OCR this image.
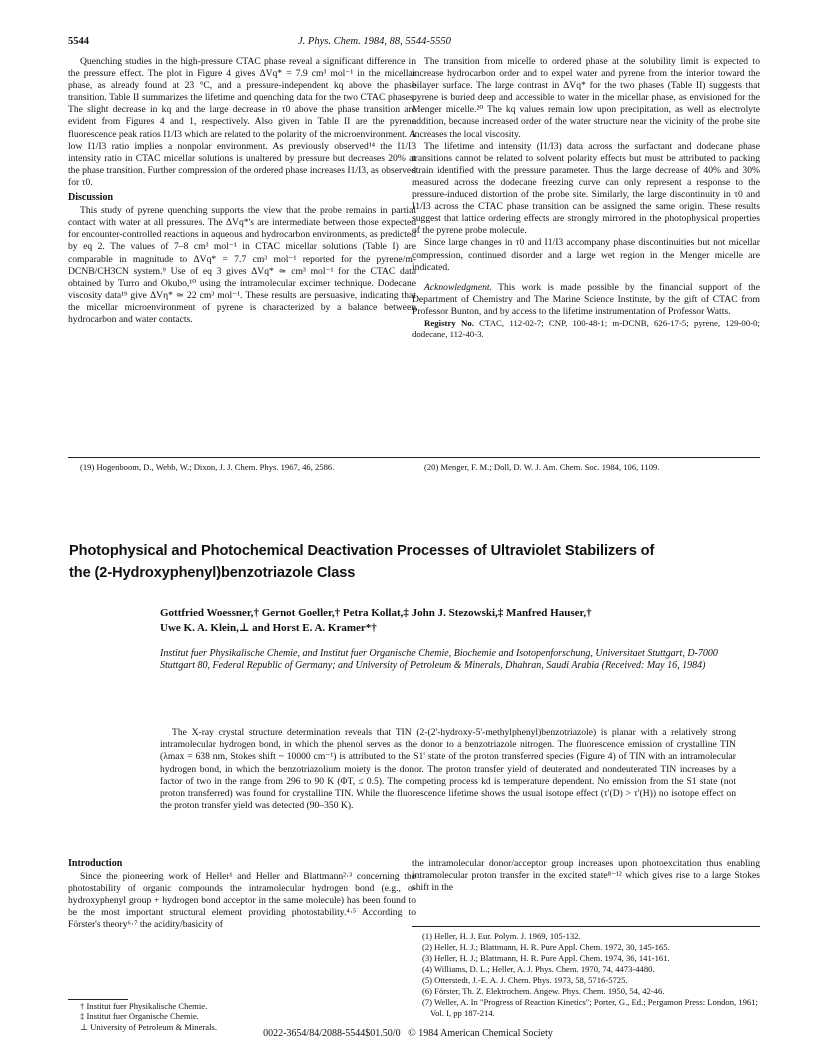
5544	J. Phys. Chem. 1984, 88, 5544-5550

Quenching studies in the high-pressure CTAC phase reveal a significant difference in the pressure effect. The plot in Figure 4 gives ΔVq* = 7.9 cm³ mol⁻¹ in the micellar phase, as already found at 23 °C, and a pressure-independent kq above the phase transition. Table II summarizes the lifetime and quenching data for the two CTAC phases. The slight decrease in kq and the large decrease in τ0 above the phase transition are evident from Figures 4 and 1, respectively. Also given in Table II are the pyrene fluorescence peak ratios I1/I3 which are related to the polarity of the microenvironment. A low I1/I3 ratio implies a nonpolar environment. As previously observed¹⁴ the I1/I3 intensity ratio in CTAC micellar solutions is unaltered by pressure but decreases 20% at the phase transition. Further compression of the ordered phase increases I1/I3, as observed for τ0.

Discussion

This study of pyrene quenching supports the view that the probe remains in partial contact with water at all pressures. The ΔVq*'s are intermediate between those expected for encounter-controlled reactions in aqueous and hydrocarbon environments, as predicted by eq 2. The values of 7–8 cm³ mol⁻¹ in CTAC micellar solutions (Table I) are comparable in magnitude to ΔVq* = 7.7 cm³ mol⁻¹ reported for the pyrene/m-DCNB/CH3CN system.⁹ Use of eq 3 gives ΔVq* ≃ cm³ mol⁻¹ for the CTAC data obtained by Turro and Okubo,¹⁰ using the intramolecular excimer technique. Dodecane viscosity data¹⁹ give ΔVη* ≃ 22 cm³ mol⁻¹. These results are persuasive, indicating that the micellar microenvironment of pyrene is characterized by a balance between hydrocarbon and water contacts.

The transition from micelle to ordered phase at the solubility limit is expected to increase hydrocarbon order and to expel water and pyrene from the interior toward the bilayer surface. The large contrast in ΔVq* for the two phases (Table II) suggests that pyrene is buried deep and accessible to water in the micellar phase, as envisioned for the Menger micelle.²⁰ The kq values remain low upon precipitation, as well as electrolyte addition, because increased order of the water structure near the vicinity of the probe site increases the local viscosity.

The lifetime and intensity (I1/I3) data across the surfactant and dodecane phase transitions cannot be related to solvent polarity effects but must be attributed to packing strain identified with the pressure parameter. Thus the large decrease of 40% and 30% measured across the dodecane freezing curve can only represent a response to the pressure-induced distortion of the probe site. Similarly, the large discontinuity in τ0 and I1/I3 across the CTAC phase transition can be assigned the same origin. These results suggest that lattice ordering effects are strongly mirrored in the photophysical properties of the pyrene probe molecule.

Since large changes in τ0 and I1/I3 accompany phase discontinuities but not micellar compression, continued disorder and a large wet region in the Menger micelle are indicated.

Acknowledgment. This work is made possible by the financial support of the Department of Chemistry and The Marine Science Institute, by the gift of CTAC from Professor Bunton, and by access to the lifetime instrumentation of Professor Watts.

Registry No. CTAC, 112-02-7; CNP, 100-48-1; m-DCNB, 626-17-5; pyrene, 129-00-0; dodecane, 112-40-3.

(19) Hogenboom, D., Webb, W.; Dixon, J. J. Chem. Phys. 1967, 46, 2586.	(20) Menger, F. M.; Doll, D. W. J. Am. Chem. Soc. 1984, 106, 1109.
Photophysical and Photochemical Deactivation Processes of Ultraviolet Stabilizers of
the (2-Hydroxyphenyl)benzotriazole Class
Gottfried Woessner,† Gernot Goeller,† Petra Kollat,‡ John J. Stezowski,‡ Manfred Hauser,†
Uwe K. A. Klein,⊥ and Horst E. A. Kramer*†
Institut fuer Physikalische Chemie, and Institut fuer Organische Chemie, Biochemie and Isotopenforschung, Universitaet Stuttgart, D-7000 Stuttgart 80, Federal Republic of Germany; and University of Petroleum & Minerals, Dhahran, Saudi Arabia (Received: May 16, 1984)

The X-ray crystal structure determination reveals that TIN (2-(2'-hydroxy-5'-methylphenyl)benzotriazole) is planar with a relatively strong intramolecular hydrogen bond, in which the phenol serves as the donor to a benzotriazole nitrogen. The fluorescence emission of crystalline TIN (λmax = 638 nm, Stokes shift ~ 10000 cm⁻¹) is attributed to the S1' state of the proton transferred species (Figure 4) of TIN with an intramolecular hydrogen bond, in which the benzotriazolium moiety is the donor. The proton transfer yield of deuterated and nondeuterated TIN increases by a factor of two in the range from 296 to 90 K (ΦT, ≤ 0.5). The competing process kd is temperature dependent. No emission from the S1 state (not proton transferred) was found for crystalline TIN. While the fluorescence lifetime shows the usual isotope effect (τ'(D) > τ'(H)) no isotope effect on the proton transfer yield was detected (90–350 K).

Introduction

Since the pioneering work of Heller¹ and Heller and Blattmann²·³ concerning the photostability of organic compounds the intramolecular hydrogen bond (e.g., o-hydroxyphenyl group + hydrogen bond acceptor in the same molecule) has been found to be the most important structural element providing photostability.⁴·⁵ According to Förster's theory⁶·⁷ the acidity/basicity of

the intramolecular donor/acceptor group increases upon photoexcitation thus enabling intramolecular proton transfer in the excited state⁸⁻¹² which gives rise to a large Stokes shift in the

† Institut fuer Physikalische Chemie.
‡ Institut fuer Organische Chemie.
⊥ University of Petroleum & Minerals.
(1) Heller, H. J. Eur. Polym. J. 1969, 105-132.
(2) Heller, H. J.; Blattmann, H. R. Pure Appl. Chem. 1972, 30, 145-165.
(3) Heller, H. J.; Blattmann, H. R. Pure Appl. Chem. 1974, 36, 141-161.
(4) Williams, D. L.; Heller, A. J. Phys. Chem. 1970, 74, 4473-4480.
(5) Otterstedt, J.-E. A. J. Chem. Phys. 1973, 58, 5716-5725.
(6) Förster, Th. Z. Elektrochem. Angew. Phys. Chem. 1950, 54, 42-46.
(7) Weller, A. In "Progress of Reaction Kinetics"; Porter, G., Ed.; Pergamon Press: London, 1961; Vol. I, pp 187-214.
0022-3654/84/2088-5544$01.50/0 © 1984 American Chemical Society
